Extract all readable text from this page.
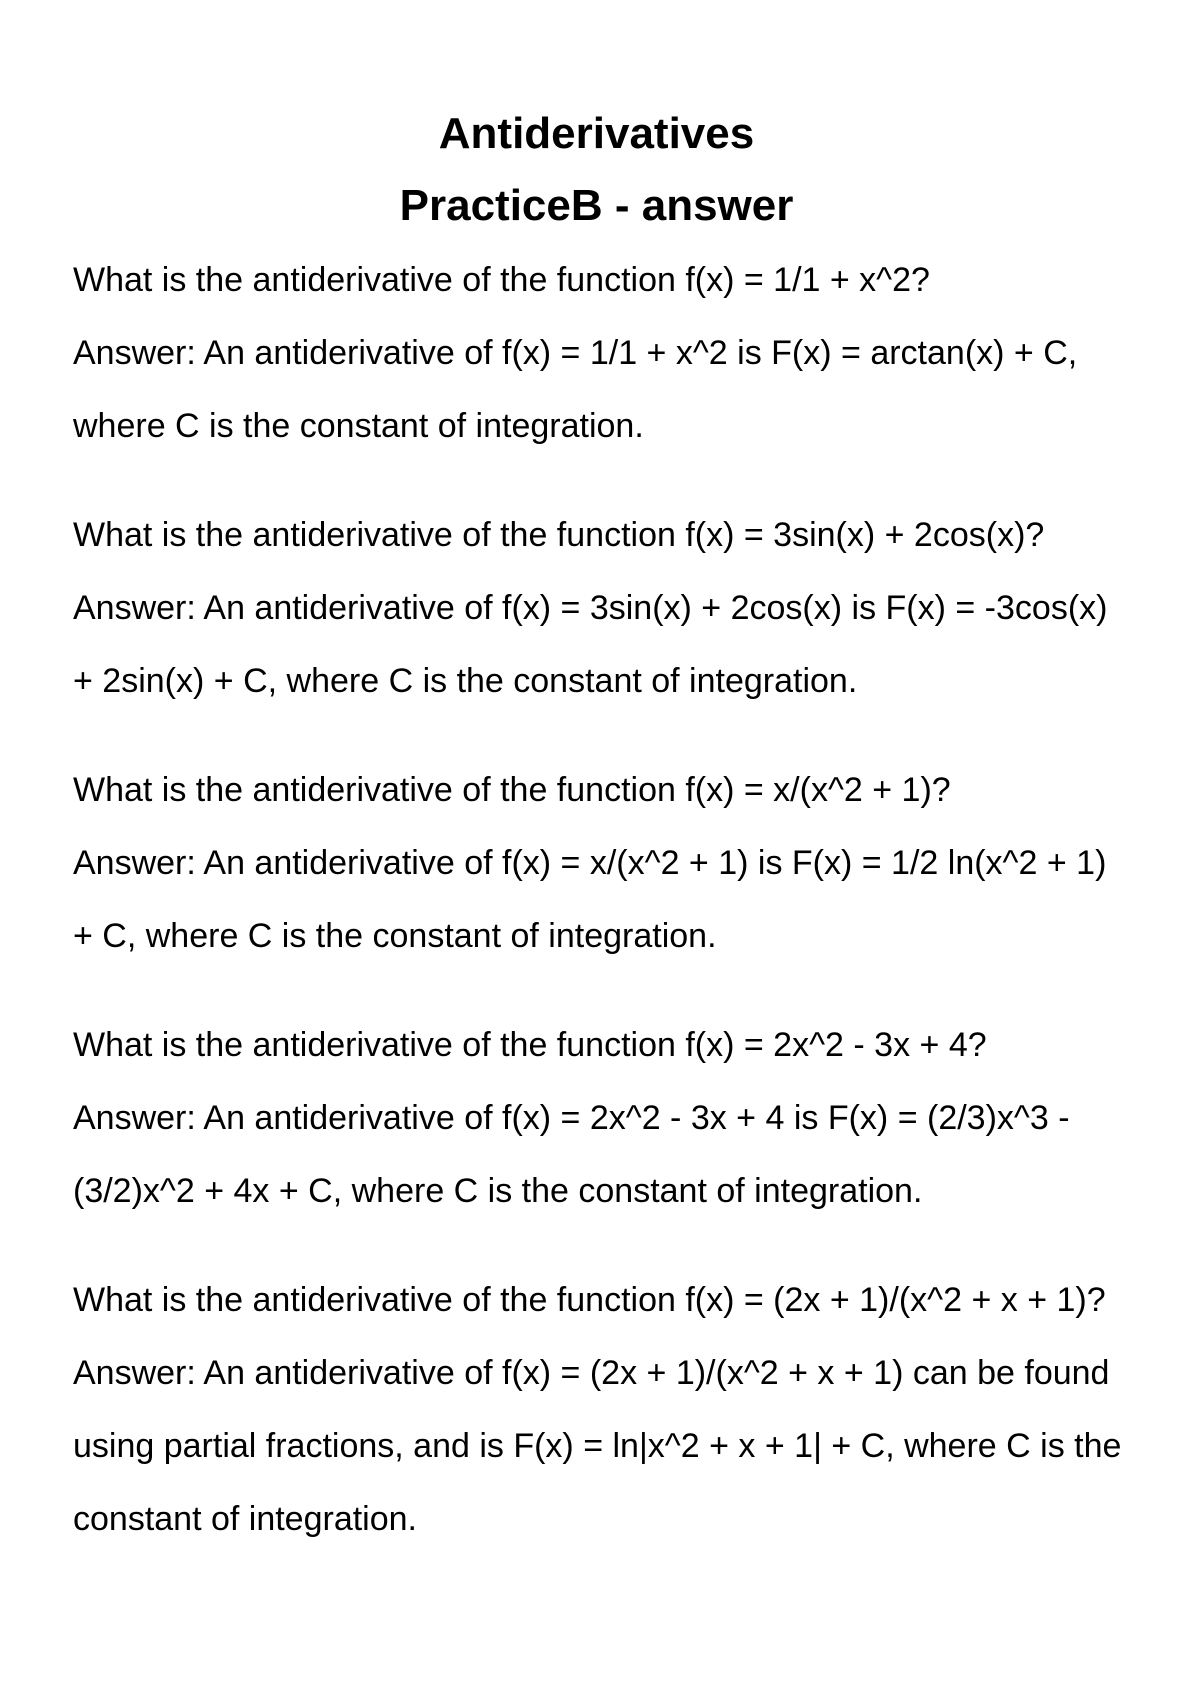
Antiderivatives
PracticeB - answer

What is the antiderivative of the function f(x) = 1/1 + x^2?

Answer: An antiderivative of f(x) = 1/1 + x^2 is F(x) = arctan(x) + C, where C is the constant of integration.

What is the antiderivative of the function f(x) = 3sin(x) + 2cos(x)?

Answer: An antiderivative of f(x) = 3sin(x) + 2cos(x) is F(x) = -3cos(x) + 2sin(x) + C, where C is the constant of integration.

What is the antiderivative of the function f(x) = x/(x^2 + 1)?

Answer: An antiderivative of f(x) = x/(x^2 + 1) is F(x) = 1/2 ln(x^2 + 1) + C, where C is the constant of integration.

What is the antiderivative of the function f(x) = 2x^2 - 3x + 4?

Answer: An antiderivative of f(x) = 2x^2 - 3x + 4 is F(x) = (2/3)x^3 - (3/2)x^2 + 4x + C, where C is the constant of integration.

What is the antiderivative of the function f(x) = (2x + 1)/(x^2 + x + 1)?

Answer: An antiderivative of f(x) = (2x + 1)/(x^2 + x + 1) can be found using partial fractions, and is F(x) = ln|x^2 + x + 1| + C, where C is the constant of integration.
